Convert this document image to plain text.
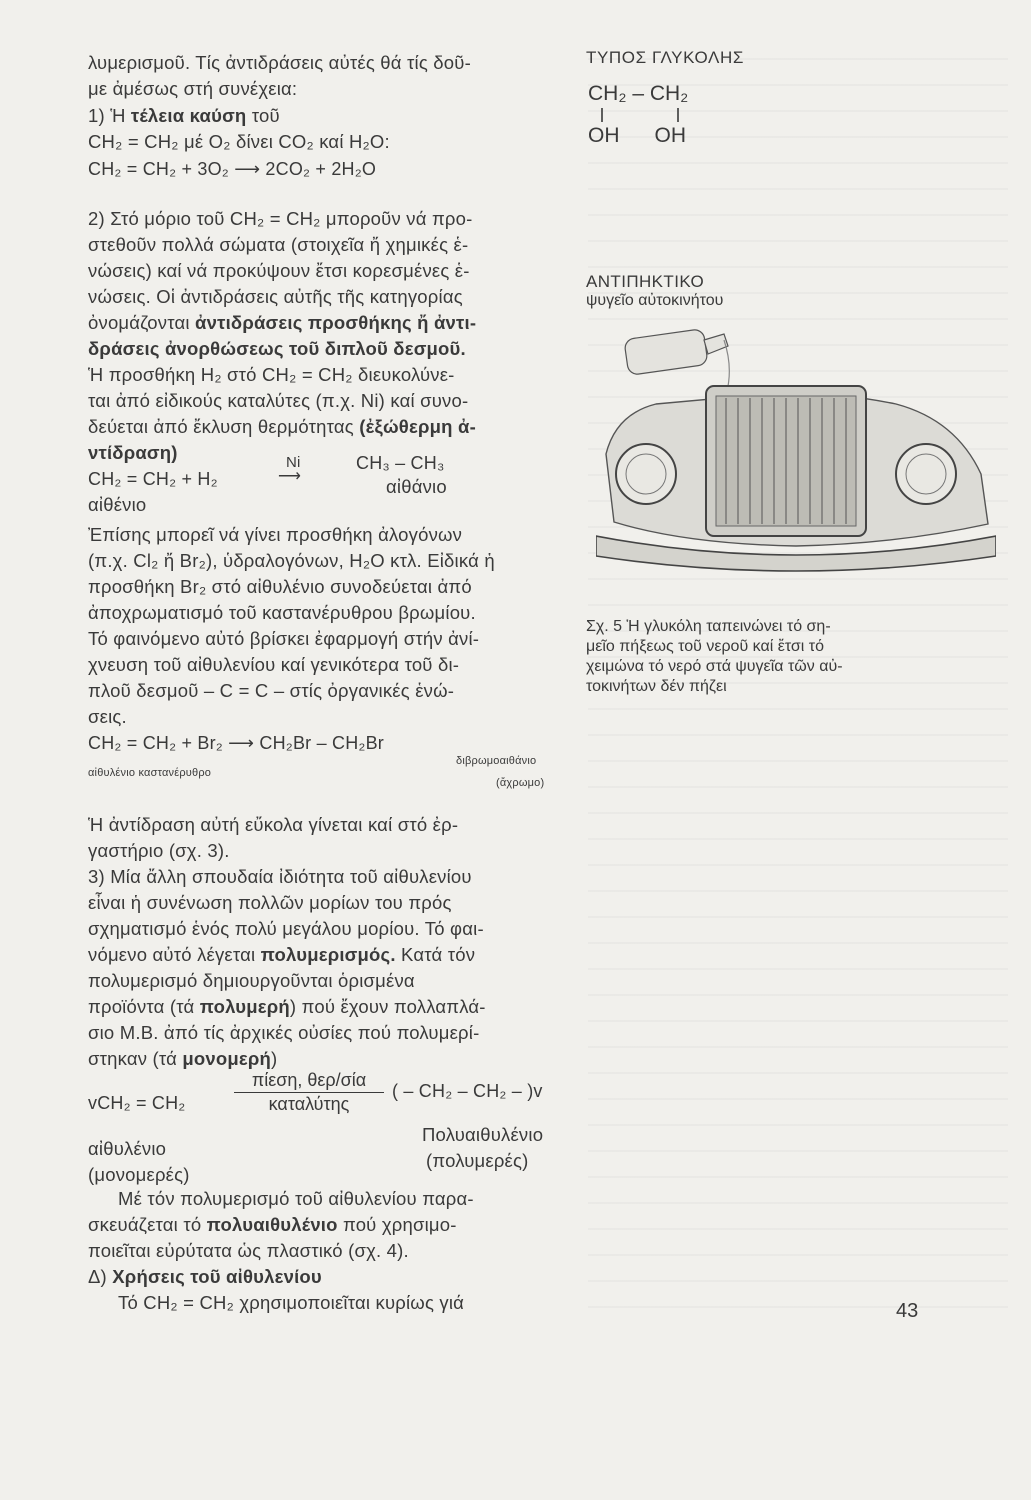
λυμερισμοῦ. Τίς ἀντιδράσεις αὐτές θά τίς δοῦ-
με ἀμέσως στή συνέχεια:
1) Ἡ τέλεια καύση τοῦ
CH₂ = CH₂ μέ O₂ δίνει CO₂ καί H₂O:
CH₂ = CH₂ + 3O₂ ⟶ 2CO₂ + 2H₂O
2) Στό μόριο τοῦ CH₂ = CH₂ μποροῦν νά προ-
στεθοῦν πολλά σώματα (στοιχεῖα ἤ χημικές ἑ-
νώσεις) καί νά προκύψουν ἔτσι κορεσμένες ἑ-
νώσεις. Οἱ ἀντιδράσεις αὐτῆς τῆς κατηγορίας
ὀνομάζονται ἀντιδράσεις προσθήκης ἤ ἀντι-
δράσεις ἀνορθώσεως τοῦ διπλοῦ δεσμοῦ.
Ἡ προσθήκη H₂ στό CH₂ = CH₂ διευκολύνε-
ται ἀπό εἰδικούς καταλύτες (π.χ. Ni) καί συνο-
δεύεται ἀπό ἔκλυση θερμότητας (ἐξώθερμη ἀ-
ντίδραση)
CH₂ = CH₂ + H₂
Ni
⟶
CH₃ – CH₃
αἰθένιο
αἰθάνιο
Ἐπίσης μπορεῖ νά γίνει προσθήκη ἀλογόνων
(π.χ. Cl₂ ἤ Br₂), ὑδραλογόνων, H₂O κτλ. Εἰδικά ἡ
προσθήκη Br₂ στό αἰθυλένιο συνοδεύεται ἀπό
ἀποχρωματισμό τοῦ καστανέρυθρου βρωμίου.
Τό φαινόμενο αὐτό βρίσκει ἐφαρμογή στήν ἀνί-
χνευση τοῦ αἰθυλενίου καί γενικότερα τοῦ δι-
πλοῦ δεσμοῦ – C = C – στίς ὀργανικές ἑνώ-
σεις.
CH₂ = CH₂ + Br₂ ⟶ CH₂Br – CH₂Br
αἰθυλένιο καστανέρυθρο
διβρωμοαιθάνιο
(ἄχρωμο)
Ἡ ἀντίδραση αὐτή εὔκολα γίνεται καί στό ἐρ-
γαστήριο (σχ. 3).
3) Μία ἄλλη σπουδαία ἰδιότητα τοῦ αἰθυλενίου
εἶναι ἡ συνένωση πολλῶν μορίων του πρός
σχηματισμό ἑνός πολύ μεγάλου μορίου. Τό φαι-
νόμενο αὐτό λέγεται πολυμερισμός. Κατά τόν
πολυμερισμό δημιουργοῦνται ὁρισμένα
προϊόντα (τά πολυμερή) πού ἔχουν πολλαπλά-
σιο Μ.Β. ἀπό τίς ἀρχικές οὐσίες πού πολυμερί-
στηκαν (τά μονομερή)
vCH₂ = CH₂
πίεση, θερ/σία
καταλύτης
( – CH₂ – CH₂ – )v
αἰθυλένιο
(μονομερές)
Πολυαιθυλένιο
(πολυμερές)
Μέ τόν πολυμερισμό τοῦ αἰθυλενίου παρα-
σκευάζεται τό πολυαιθυλένιο πού χρησιμο-
ποιεῖται εὐρύτατα ὡς πλαστικό (σχ. 4).
Δ) Χρήσεις τοῦ αἰθυλενίου
Τό CH₂ = CH₂ χρησιμοποιεῖται κυρίως γιά
ΤΥΠΟΣ ΓΛΥΚΟΛΗΣ
CH₂ – CH₂
OH      OH
ΑΝΤΙΠΗΚΤΙΚΟ
ψυγεῖο αὐτοκινήτου
Σχ. 5 Ἡ γλυκόλη ταπεινώνει τό ση-
μεῖο πήξεως τοῦ νεροῦ καί ἔτσι τό
χειμώνα τό νερό στά ψυγεῖα τῶν αὐ-
τοκινήτων δέν πήζει
43
